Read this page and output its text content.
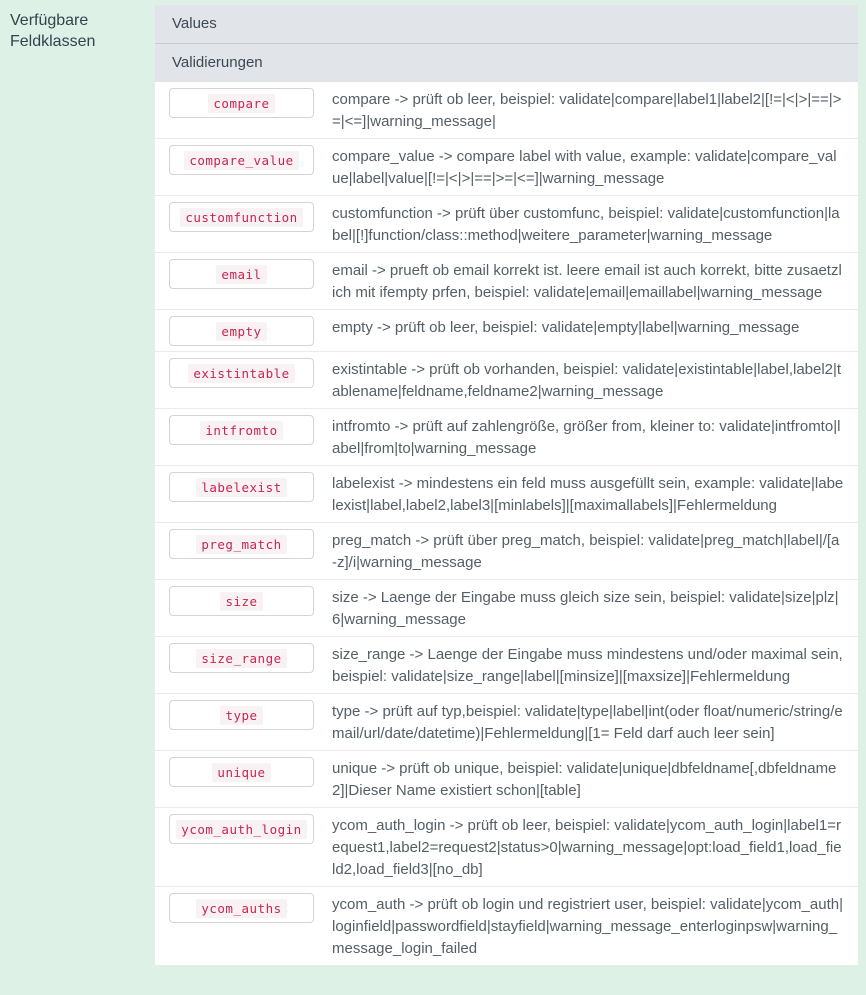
Verfügbare Feldklassen
Values
Validierungen
compare	compare -> prüft ob leer, beispiel: validate|compare|label1|label2|[!=|<|>|==|>=|<=]|warning_message|
compare_value	compare_value -> compare label with value, example: validate|compare_value|label|value|[!=|<|>|==|>=|<=]|warning_message
customfunction	customfunction -> prüft über customfunc, beispiel: validate|customfunction|label|[!]function/class::method|weitere_parameter|warning_message
email	email -> prueft ob email korrekt ist. leere email ist auch korrekt, bitte zusaetzlich mit ifempty prfen, beispiel: validate|email|emaillabel|warning_message
empty	empty -> prüft ob leer, beispiel: validate|empty|label|warning_message
existintable	existintable -> prüft ob vorhanden, beispiel: validate|existintable|label,label2|tablename|feldname,feldname2|warning_message
intfromto	intfromto -> prüft auf zahlengröße, größer from, kleiner to: validate|intfromto|label|from|to|warning_message
labelexist	labelexist -> mindestens ein feld muss ausgefüllt sein, example: validate|labelexist|label,label2,label3|[minlabels]|[maximallabels]|Fehlermeldung
preg_match	preg_match -> prüft über preg_match, beispiel: validate|preg_match|label|/[a-z]/i|warning_message
size	size -> Laenge der Eingabe muss gleich size sein, beispiel: validate|size|plz|6|warning_message
size_range	size_range -> Laenge der Eingabe muss mindestens und/oder maximal sein, beispiel: validate|size_range|label|[minsize]|[maxsize]|Fehlermeldung
type	type -> prüft auf typ,beispiel: validate|type|label|int(oder float/numeric/string/email/url/date/datetime)|Fehlermeldung|[1= Feld darf auch leer sein]
unique	unique -> prüft ob unique, beispiel: validate|unique|dbfeldname[,dbfeldname2]|Dieser Name existiert schon|[table]
ycom_auth_login	ycom_auth_login -> prüft ob leer, beispiel: validate|ycom_auth_login|label1=request1,label2=request2|status>0|warning_message|opt:load_field1,load_field2,load_field3|[no_db]
ycom_auths	ycom_auth -> prüft ob login und registriert user, beispiel: validate|ycom_auth|loginfield|passwordfield|stayfield|warning_message_enterloginpsw|warning_message_login_failed
